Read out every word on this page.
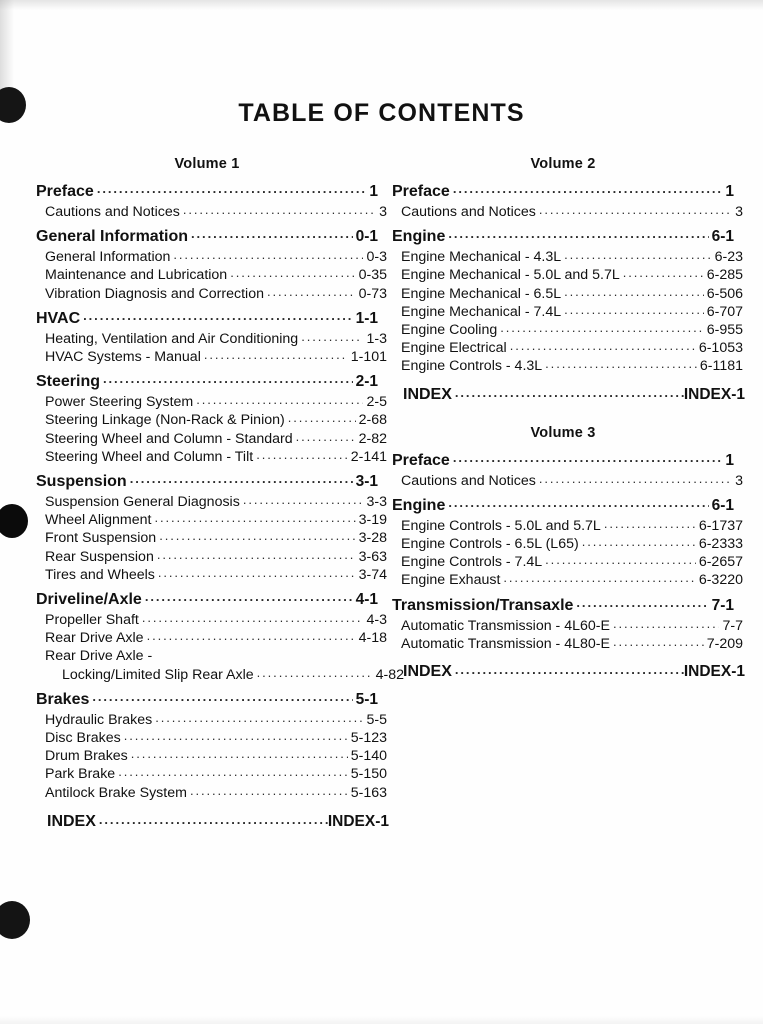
TABLE OF CONTENTS
Volume 1
Preface .....	1
Cautions and Notices .....	3
General Information .....	0-1
General Information .....	0-3
Maintenance and Lubrication .....	0-35
Vibration Diagnosis and Correction .....	0-73
HVAC .....	1-1
Heating, Ventilation and Air Conditioning .....	1-3
HVAC Systems - Manual .....	1-101
Steering .....	2-1
Power Steering System .....	2-5
Steering Linkage (Non-Rack & Pinion) .....	2-68
Steering Wheel and Column - Standard .....	2-82
Steering Wheel and Column - Tilt .....	2-141
Suspension .....	3-1
Suspension General Diagnosis .....	3-3
Wheel Alignment .....	3-19
Front Suspension .....	3-28
Rear Suspension .....	3-63
Tires and Wheels .....	3-74
Driveline/Axle .....	4-1
Propeller Shaft .....	4-3
Rear Drive Axle .....	4-18
Rear Drive Axle -
Locking/Limited Slip Rear Axle .....	4-82
Brakes .....	5-1
Hydraulic Brakes .....	5-5
Disc Brakes .....	5-123
Drum Brakes .....	5-140
Park Brake .....	5-150
Antilock Brake System .....	5-163
INDEX .....	INDEX-1
Volume 2
Preface .....	1
Cautions and Notices .....	3
Engine .....	6-1
Engine Mechanical - 4.3L .....	6-23
Engine Mechanical - 5.0L and 5.7L .....	6-285
Engine Mechanical - 6.5L .....	6-506
Engine Mechanical - 7.4L .....	6-707
Engine Cooling .....	6-955
Engine Electrical .....	6-1053
Engine Controls - 4.3L .....	6-1181
INDEX .....	INDEX-1
Volume 3
Preface .....	1
Cautions and Notices .....	3
Engine .....	6-1
Engine Controls - 5.0L and 5.7L .....	6-1737
Engine Controls - 6.5L (L65) .....	6-2333
Engine Controls - 7.4L .....	6-2657
Engine Exhaust .....	6-3220
Transmission/Transaxle .....	7-1
Automatic Transmission - 4L60-E .....	7-7
Automatic Transmission - 4L80-E .....	7-209
INDEX .....	INDEX-1
